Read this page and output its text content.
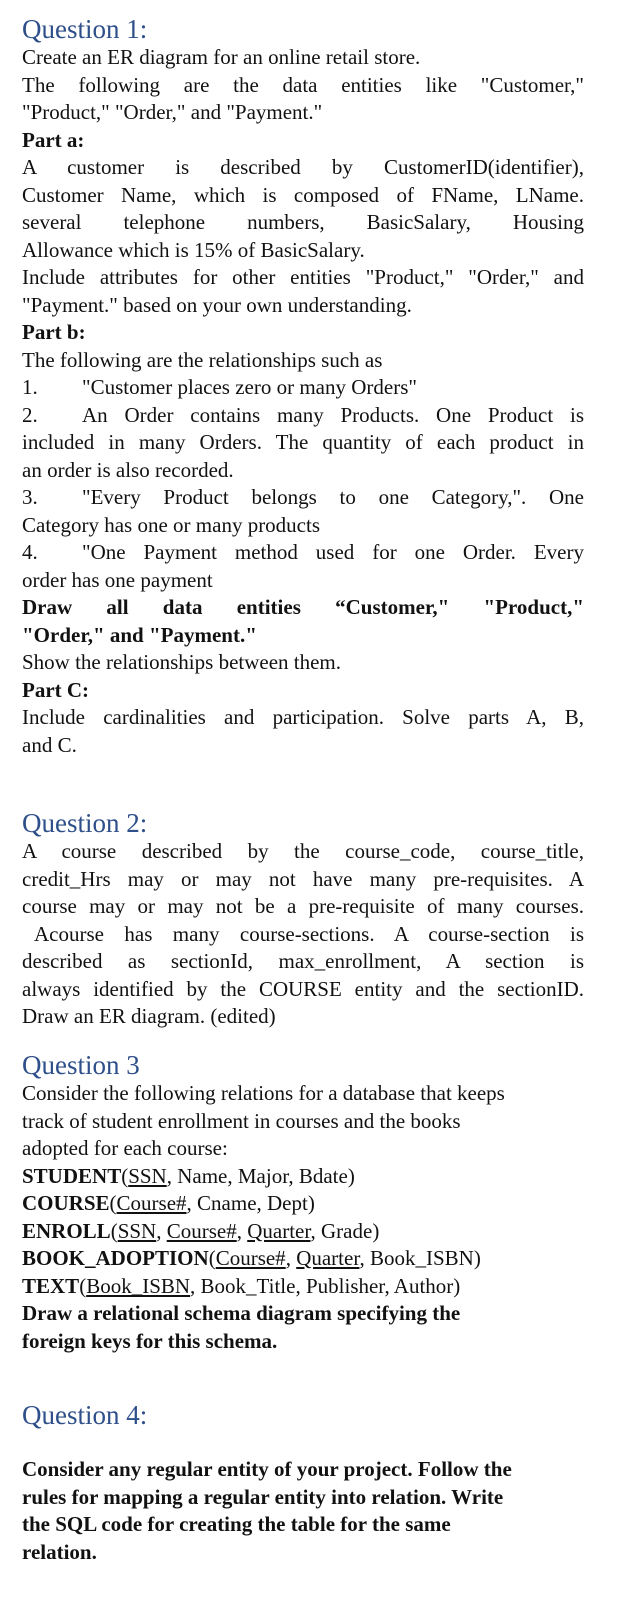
Question 1:

Create an ER diagram for an online retail store.

The following are the data entities like "Customer,"

"Product," "Order," and "Payment."

Part a:

A customer is described by CustomerID(identifier),

Customer Name, which is composed of FName, LName.

several telephone numbers, BasicSalary, Housing

Allowance which is 15% of BasicSalary.

Include attributes for other entities "Product," "Order," and

"Payment." based on your own understanding.

Part b:

The following are the relationships such as

1. "Customer places zero or many Orders"

2. An Order contains many Products. One Product is

included in many Orders. The quantity of each product in

an order is also recorded.

3. "Every Product belongs to one Category,". One

Category has one or many products

4. "One Payment method used for one Order. Every

order has one payment

Draw all data entities “Customer," "Product,"

"Order," and "Payment."

Show the relationships between them.

Part C:

Include cardinalities and participation. Solve parts A, B,

and C.

Question 2:

A course described by the course_code, course_title,

credit_Hrs may or may not have many pre-requisites. A

course may or may not be a pre-requisite of many courses.

Acourse has many course-sections. A course-section is

described as sectionId, max_enrollment, A section is

always identified by the COURSE entity and the sectionID.

Draw an ER diagram. (edited)

Question 3

Consider the following relations for a database that keeps

track of student enrollment in courses and the books

adopted for each course:

STUDENT(SSN, Name, Major, Bdate)

COURSE(Course#, Cname, Dept)

ENROLL(SSN, Course#, Quarter, Grade)

BOOK_ADOPTION(Course#, Quarter, Book_ISBN)

TEXT(Book_ISBN, Book_Title, Publisher, Author)

Draw a relational schema diagram specifying the

foreign keys for this schema.

Question 4:

Consider any regular entity of your project. Follow the

rules for mapping a regular entity into relation. Write

the SQL code for creating the table for the same

relation.
